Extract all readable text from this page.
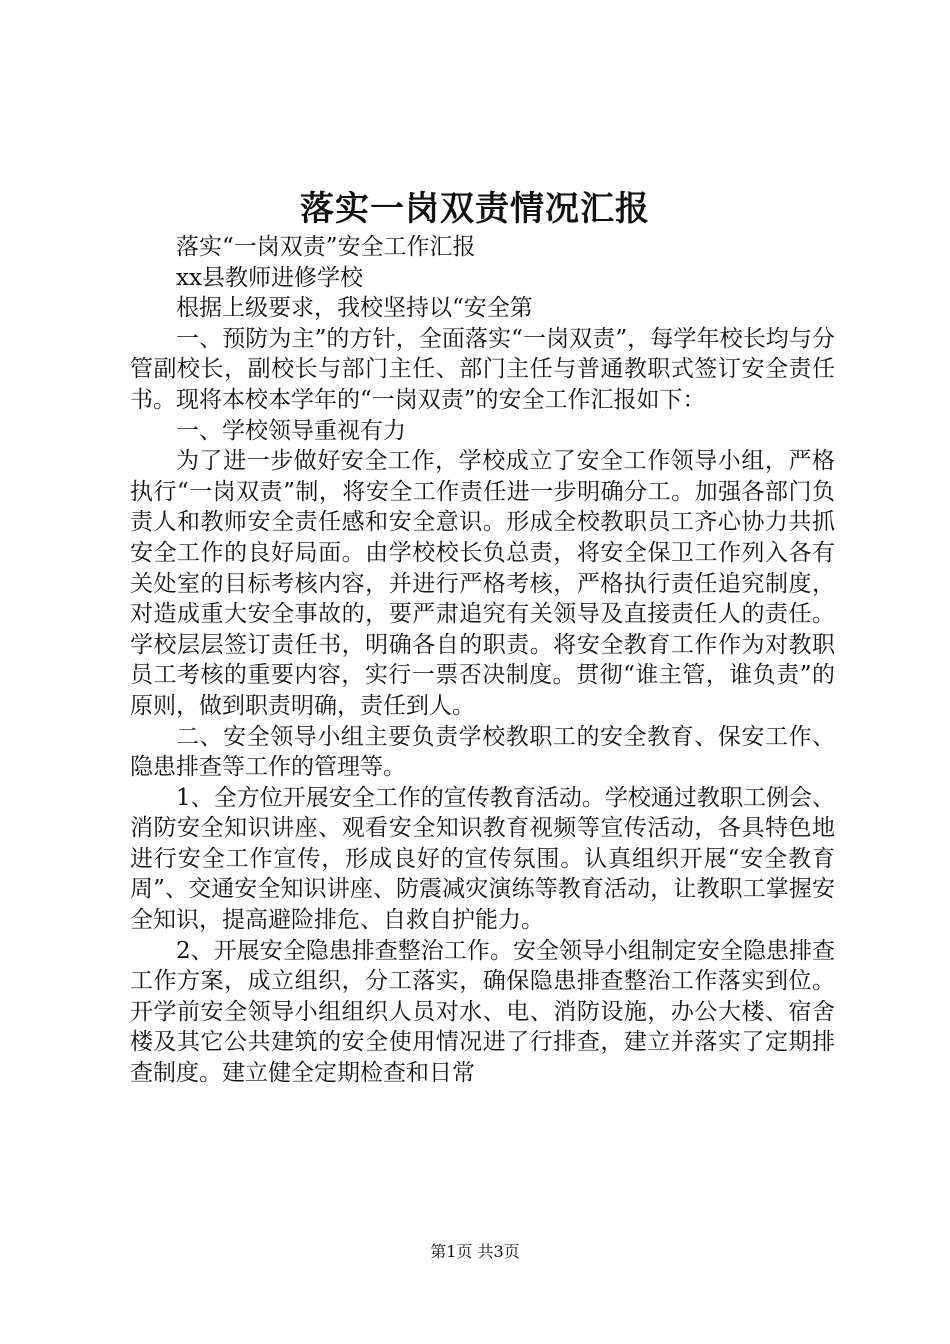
落实一岗双责情况汇报

落实“一岗双责”安全工作汇报

xx县教师进修学校

根据上级要求，我校坚持以“安全第

一、预防为主”的方针，全面落实“一岗双责”，每学年校长均与分管副校长，副校长与部门主任、部门主任与普通教职式签订安全责任书。现将本校本学年的“一岗双责”的安全工作汇报如下：

一、学校领导重视有力

为了进一步做好安全工作，学校成立了安全工作领导小组，严格执行“一岗双责”制，将安全工作责任进一步明确分工。加强各部门负责人和教师安全责任感和安全意识。形成全校教职员工齐心协力共抓安全工作的良好局面。由学校校长负总责，将安全保卫工作列入各有关处室的目标考核内容，并进行严格考核，严格执行责任追究制度，对造成重大安全事故的，要严肃追究有关领导及直接责任人的责任。学校层层签订责任书，明确各自的职责。将安全教育工作作为对教职员工考核的重要内容，实行一票否决制度。贯彻“谁主管，谁负责”的原则，做到职责明确，责任到人。

二、安全领导小组主要负责学校教职工的安全教育、保安工作、隐患排查等工作的管理等。

1、全方位开展安全工作的宣传教育活动。学校通过教职工例会、消防安全知识讲座、观看安全知识教育视频等宣传活动，各具特色地进行安全工作宣传，形成良好的宣传氛围。认真组织开展“安全教育周”、交通安全知识讲座、防震减灾演练等教育活动，让教职工掌握安全知识，提高避险排危、自救自护能力。

2、开展安全隐患排查整治工作。安全领导小组制定安全隐患排查工作方案，成立组织，分工落实，确保隐患排查整治工作落实到位。开学前安全领导小组组织人员对水、电、消防设施，办公大楼、宿舍楼及其它公共建筑的安全使用情况进了行排查，建立并落实了定期排查制度。建立健全定期检查和日常

第1页 共3页
